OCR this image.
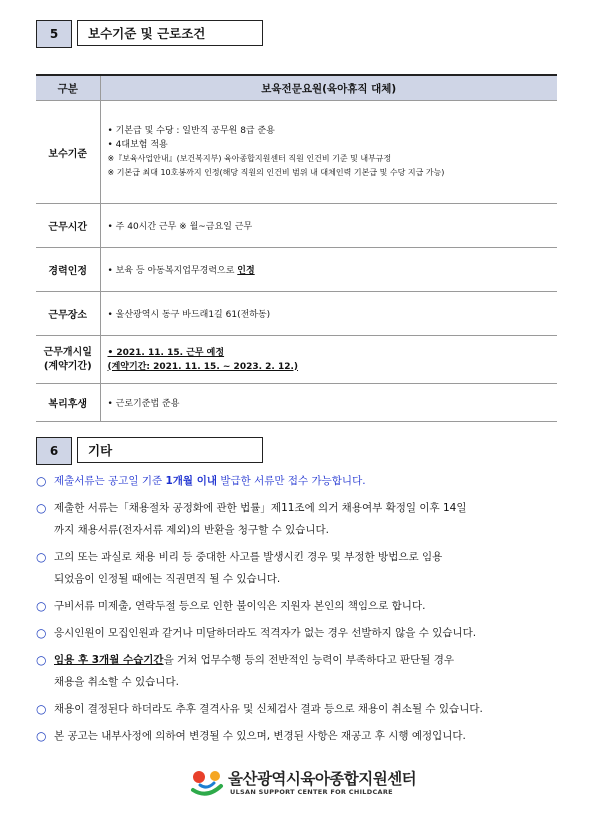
5	보수기준 및 근로조건
구분	보육전문요원(육아휴직 대체)
보수기준	• 기본급 및 수당 : 일반직 공무원 8급 준용
• 4대보험 적용
※『보육사업안내』(보건복지부) 육아종합지원센터 직원 인건비 기준 및 내부규정
※ 기본급 최대 10호봉까지 인정(해당 직원의 인건비 범위 내 대체인력 기본급 및 수당 지급 가능)

근무시간	• 주 40시간 근무 ※ 월~금요일 근무
경력인정	• 보육 등 아동복지업무경력으로 인정
근무장소	• 울산광역시 동구 바드래1길 61(전하동)

근무개시일
(계약기간)	• 2021. 11. 15. 근무 예정
(계약기간: 2021. 11. 15. ~ 2023. 2. 12.)

복리후생	• 근로기준법 준용
6	기타
○ 제출서류는 공고일 기준 1개월 이내 발급한 서류만 접수 가능합니다.
○ 제출한 서류는「채용절차 공정화에 관한 법률」제11조에 의거 채용여부 확정일 이후 14일
까지 채용서류(전자서류 제외)의 반환을 청구할 수 있습니다.
○ 고의 또는 과실로 채용 비리 등 중대한 사고를 발생시킨 경우 및 부정한 방법으로 임용
되었음이 인정될 때에는 직권면직 될 수 있습니다.
○ 구비서류 미제출, 연락두절 등으로 인한 불이익은 지원자 본인의 책임으로 합니다.
○ 응시인원이 모집인원과 같거나 미달하더라도 적격자가 없는 경우 선발하지 않을 수 있습니다.
○ 임용 후 3개월 수습기간을 거쳐 업무수행 등의 전반적인 능력이 부족하다고 판단될 경우
채용을 취소할 수 있습니다.
○ 채용이 결정된다 하더라도 추후 결격사유 및 신체검사 결과 등으로 채용이 취소될 수 있습니다.
○ 본 공고는 내부사정에 의하여 변경될 수 있으며, 변경된 사항은 재공고 후 시행 예정입니다.
울산광역시육아종합지원센터
ULSAN SUPPORT CENTER FOR CHILDCARE
